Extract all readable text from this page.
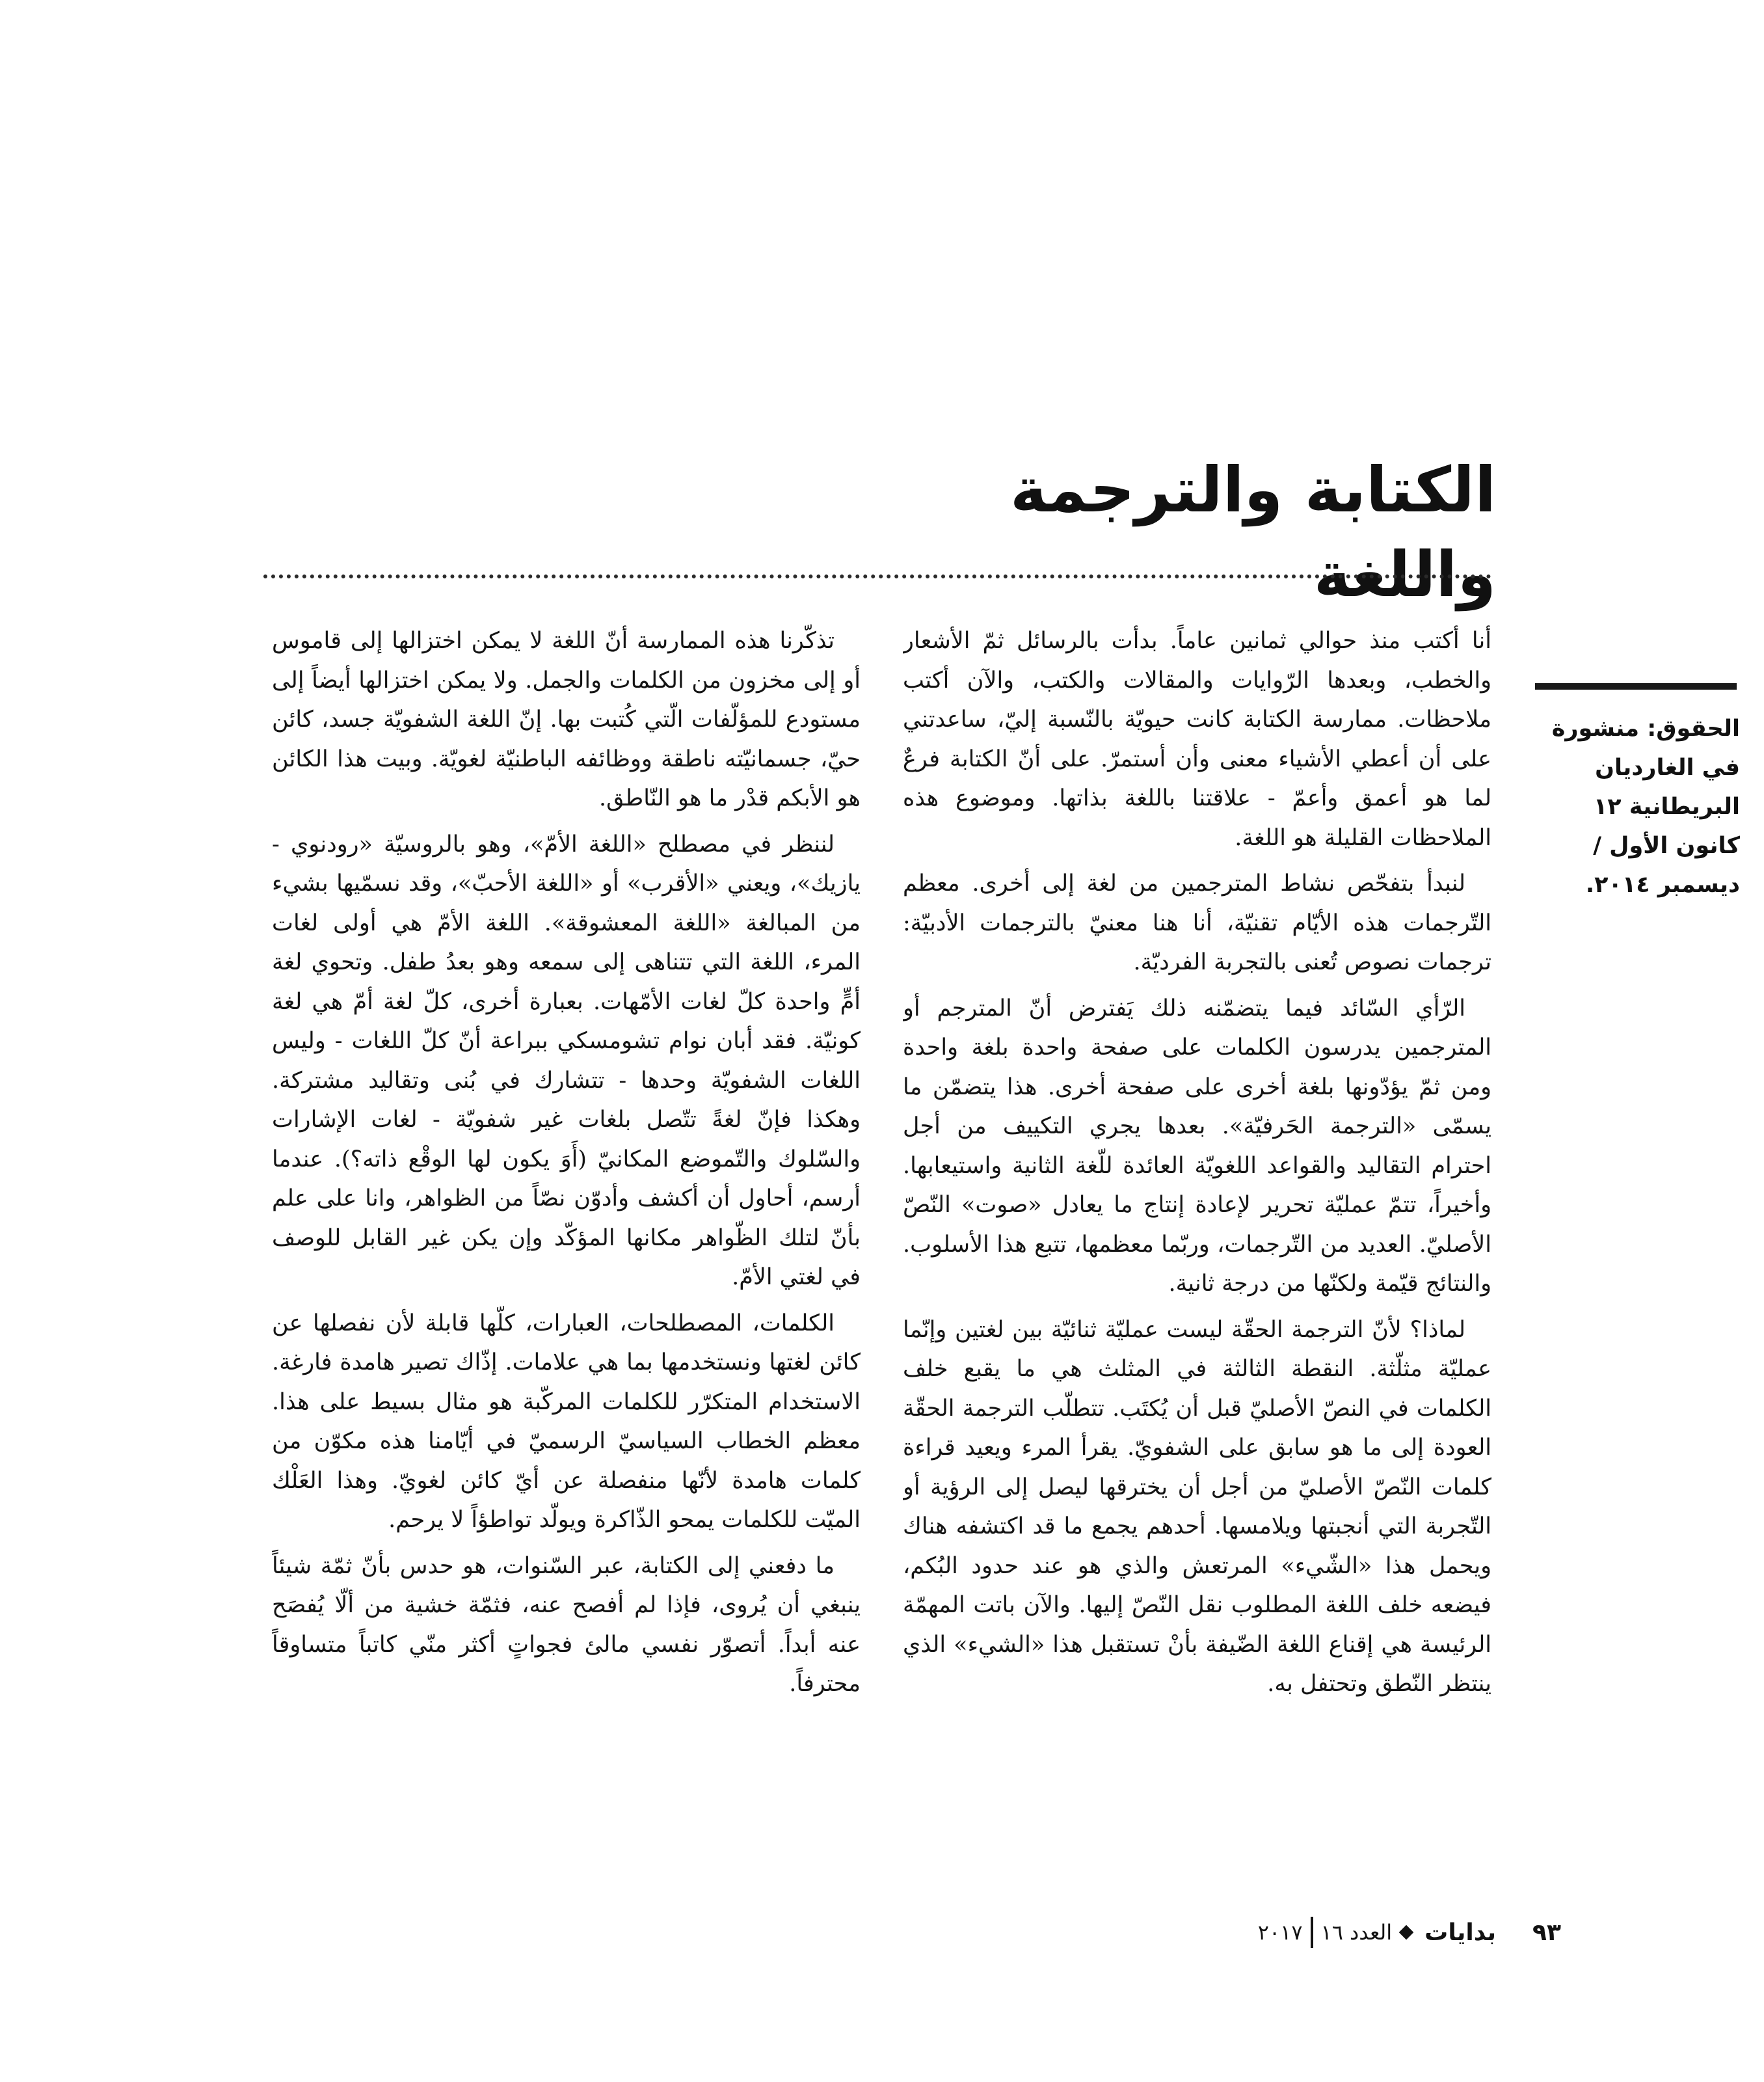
الكتابة والترجمة واللغة

الحقوق: منشورة في الغارديان البريطانية ١٢ كانون الأول / ديسمبر ٢٠١٤.

أنا أكتب منذ حوالي ثمانين عاماً. بدأت بالرسائل ثمّ الأشعار والخطب، وبعدها الرّوايات والمقالات والكتب، والآن أكتب ملاحظات. ممارسة الكتابة كانت حيويّة بالنّسبة إليّ، ساعدتني على أن أعطي الأشياء معنى وأن أستمرّ. على أنّ الكتابة فرعٌ لما هو أعمق وأعمّ - علاقتنا باللغة بذاتها. وموضوع هذه الملاحظات القليلة هو اللغة.

لنبدأ بتفحّص نشاط المترجمين من لغة إلى أخرى. معظم التّرجمات هذه الأيّام تقنيّة، أنا هنا معنيّ بالترجمات الأدبيّة: ترجمات نصوص تُعنى بالتجربة الفرديّة.

الرّأي السّائد فيما يتضمّنه ذلك يَفترض أنّ المترجم أو المترجمين يدرسون الكلمات على صفحة واحدة بلغة واحدة ومن ثمّ يؤدّونها بلغة أخرى على صفحة أخرى. هذا يتضمّن ما يسمّى «الترجمة الحَرفيّة». بعدها يجري التكييف من أجل احترام التقاليد والقواعد اللغويّة العائدة للّغة الثانية واستيعابها. وأخيراً، تتمّ عمليّة تحرير لإعادة إنتاج ما يعادل «صوت» النّصّ الأصليّ. العديد من التّرجمات، وربّما معظمها، تتبع هذا الأسلوب. والنتائج قيّمة ولكنّها من درجة ثانية.

لماذا؟ لأنّ الترجمة الحقّة ليست عمليّة ثنائيّة بين لغتين وإنّما عمليّة مثلّثة. النقطة الثالثة في المثلث هي ما يقبع خلف الكلمات في النصّ الأصليّ قبل أن يُكتَب. تتطلّب الترجمة الحقّة العودة إلى ما هو سابق على الشفويّ. يقرأ المرء ويعيد قراءة كلمات النّصّ الأصليّ من أجل أن يخترقها ليصل إلى الرؤية أو التّجربة التي أنجبتها ويلامسها. أحدهم يجمع ما قد اكتشفه هناك ويحمل هذا «الشّيء» المرتعش والذي هو عند حدود البُكم، فيضعه خلف اللغة المطلوب نقل النّصّ إليها. والآن باتت المهمّة الرئيسة هي إقناع اللغة الضّيفة بأنْ تستقبل هذا «الشيء» الذي ينتظر النّطق وتحتفل به.

تذكّرنا هذه الممارسة أنّ اللغة لا يمكن اختزالها إلى قاموس أو إلى مخزون من الكلمات والجمل. ولا يمكن اختزالها أيضاً إلى مستودع للمؤلّفات الّتي كُتبت بها. إنّ اللغة الشفويّة جسد، كائن حيّ، جسمانيّته ناطقة ووظائفه الباطنيّة لغويّة. وبيت هذا الكائن هو الأبكم قدْر ما هو النّاطق.

لننظر في مصطلح «اللغة الأمّ»، وهو بالروسيّة «رودنوي - يازيك»، ويعني «الأقرب» أو «اللغة الأحبّ»، وقد نسمّيها بشيء من المبالغة «اللغة المعشوقة». اللغة الأمّ هي أولى لغات المرء، اللغة التي تتناهى إلى سمعه وهو بعدُ طفل. وتحوي لغة أمٍّ واحدة كلّ لغات الأمّهات. بعبارة أخرى، كلّ لغة أمّ هي لغة كونيّة. فقد أبان نوام تشومسكي ببراعة أنّ كلّ اللغات - وليس اللغات الشفويّة وحدها - تتشارك في بُنى وتقاليد مشتركة. وهكذا فإنّ لغةً تتّصل بلغات غير شفويّة - لغات الإشارات والسّلوك والتّموضع المكانيّ (أَوَ يكون لها الوقْع ذاته؟). عندما أرسم، أحاول أن أكشف وأدوّن نصّاً من الظواهر، وانا على علم بأنّ لتلك الظّواهر مكانها المؤكّد وإن يكن غير القابل للوصف في لغتي الأمّ.

الكلمات، المصطلحات، العبارات، كلّها قابلة لأن نفصلها عن كائن لغتها ونستخدمها بما هي علامات. إذّاك تصير هامدة فارغة. الاستخدام المتكرّر للكلمات المركّبة هو مثال بسيط على هذا. معظم الخطاب السياسيّ الرسميّ في أيّامنا هذه مكوّن من كلمات هامدة لأنّها منفصلة عن أيّ كائن لغويّ. وهذا العَلْك الميّت للكلمات يمحو الذّاكرة ويولّد تواطؤاً لا يرحم.

ما دفعني إلى الكتابة، عبر السّنوات، هو حدس بأنّ ثمّة شيئاً ينبغي أن يُروى، فإذا لم أفصح عنه، فثمّة خشية من ألّا يُفصَح عنه أبداً. أتصوّر نفسي مالئ فجواتٍ أكثر منّي كاتباً متساوقاً محترفاً.

٩٣
بدايات
العدد ١٦
٢٠١٧
